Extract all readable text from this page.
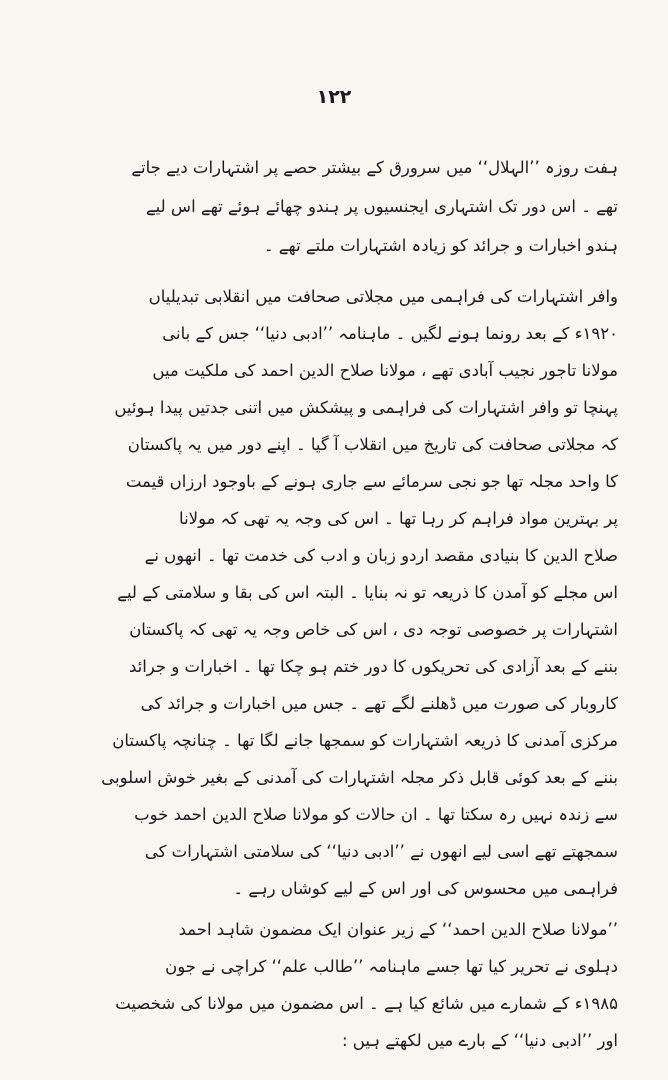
۱۲۲
ہفت روزہ ’’الہلال‘‘ میں سرورق کے بیشتر حصے پر اشتہارات دیے جاتے
تھے ۔ اس دور تک اشتہاری ایجنسیوں پر ہندو چھائے ہوئے تھے اس لیے
ہندو اخبارات و جرائد کو زیادہ اشتہارات ملتے تھے ۔
وافر اشتہارات کی فراہمی میں مجلاتی صحافت میں انقلابی تبدیلیاں
۱۹۲۰ء کے بعد رونما ہونے لگیں ۔ ماہنامہ ’’ادبی دنیا‘‘ جس کے بانی
مولانا تاجور نجیب آبادی تھے ، مولانا صلاح الدین احمد کی ملکیت میں
پہنچا تو وافر اشتہارات کی فراہمی و پیشکش میں اتنی جدتیں پیدا ہوئیں
کہ مجلاتی صحافت کی تاریخ میں انقلاب آ گیا ۔ اپنے دور میں یہ پاکستان
کا واحد مجلہ تھا جو نجی سرمائے سے جاری ہونے کے باوجود ارزاں قیمت
پر بہترین مواد فراہم کر رہا تھا ۔ اس کی وجہ یہ تھی کہ مولانا
صلاح الدین کا بنیادی مقصد اردو زبان و ادب کی خدمت تھا ۔ انھوں نے
اس مجلے کو آمدن کا ذریعہ تو نہ بنایا ۔ البتہ اس کی بقا و سلامتی کے لیے
اشتہارات پر خصوصی توجہ دی ، اس کی خاص وجہ یہ تھی کہ پاکستان
بننے کے بعد آزادی کی تحریکوں کا دور ختم ہو چکا تھا ۔ اخبارات و جرائد
کاروبار کی صورت میں ڈھلنے لگے تھے ۔ جس میں اخبارات و جرائد کی
مرکزی آمدنی کا ذریعہ اشتہارات کو سمجھا جانے لگا تھا ۔ چنانچہ پاکستان
بننے کے بعد کوئی قابل ذکر مجلہ اشتہارات کی آمدنی کے بغیر خوش اسلوبی
سے زندہ نہیں رہ سکتا تھا ۔ ان حالات کو مولانا صلاح الدین احمد خوب
سمجھتے تھے اسی لیے انھوں نے ’’ادبی دنیا‘‘ کی سلامتی اشتہارات کی
فراہمی میں محسوس کی اور اس کے لیے کوشاں رہے ۔
’’مولانا صلاح الدین احمد‘‘ کے زیر عنوان ایک مضمون شاہد احمد
دہلوی نے تحریر کیا تھا جسے ماہنامہ ’’طالب علم‘‘ کراچی نے جون
۱۹۸۵ء کے شمارے میں شائع کیا ہے ۔ اس مضمون میں مولانا کی شخصیت
اور ’’ادبی دنیا‘‘ کے بارے میں لکھتے ہیں :
